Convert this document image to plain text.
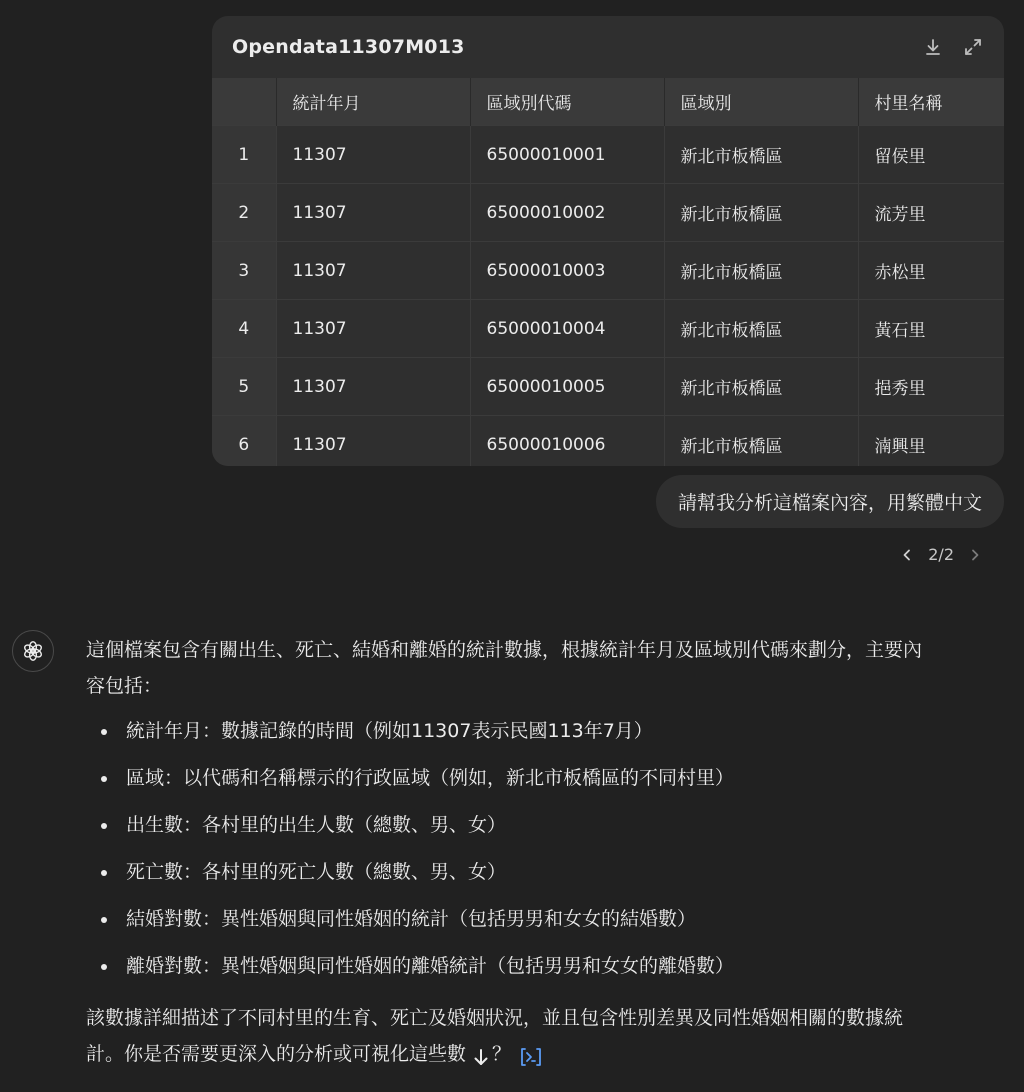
Opendata11307M013
	統計年月	區域別代碼	區域別	村里名稱
1	11307	65000010001	新北市板橋區	留侯里
2	11307	65000010002	新北市板橋區	流芳里
3	11307	65000010003	新北市板橋區	赤松里
4	11307	65000010004	新北市板橋區	黃石里
5	11307	65000010005	新北市板橋區	挹秀里
6	11307	65000010006	新北市板橋區	湳興里
請幫我分析這檔案內容，用繁體中文
2/2

這個檔案包含有關出生、死亡、結婚和離婚的統計數據，根據統計年月及區域別代碼來劃分，主要內
容包括：

統計年月：數據記錄的時間（例如11307表示民國113年7月）
區域：以代碼和名稱標示的行政區域（例如，新北市板橋區的不同村里）
出生數：各村里的出生人數（總數、男、女）
死亡數：各村里的死亡人數（總數、男、女）
結婚對數：異性婚姻與同性婚姻的統計（包括男男和女女的結婚數）
離婚對數：異性婚姻與同性婚姻的離婚統計（包括男男和女女的離婚數）

該數據詳細描述了不同村里的生育、死亡及婚姻狀況，並且包含性別差異及同性婚姻相關的數據統
計。你是否需要更深入的分析或可視化這些數 ？
